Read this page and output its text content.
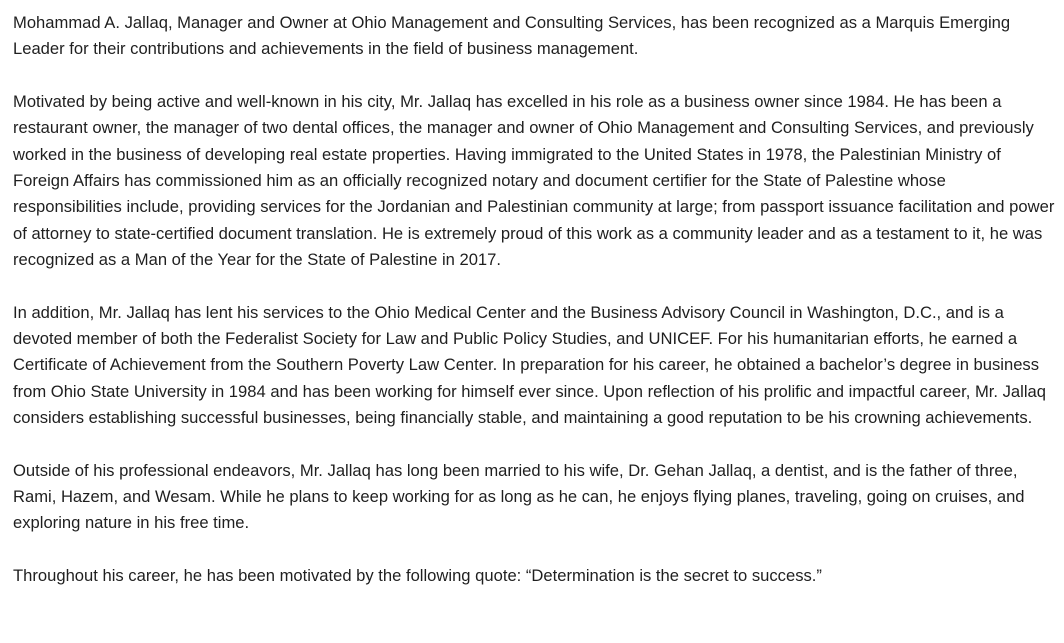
Mohammad A. Jallaq, Manager and Owner at Ohio Management and Consulting Services, has been recognized as a Marquis Emerging Leader for their contributions and achievements in the field of business management.

Motivated by being active and well-known in his city, Mr. Jallaq has excelled in his role as a business owner since 1984. He has been a restaurant owner, the manager of two dental offices, the manager and owner of Ohio Management and Consulting Services, and previously worked in the business of developing real estate properties. Having immigrated to the United States in 1978, the Palestinian Ministry of Foreign Affairs has commissioned him as an officially recognized notary and document certifier for the State of Palestine whose responsibilities include, providing services for the Jordanian and Palestinian community at large; from passport issuance facilitation and power of attorney to state-certified document translation. He is extremely proud of this work as a community leader and as a testament to it, he was recognized as a Man of the Year for the State of Palestine in 2017.

In addition, Mr. Jallaq has lent his services to the Ohio Medical Center and the Business Advisory Council in Washington, D.C., and is a devoted member of both the Federalist Society for Law and Public Policy Studies, and UNICEF. For his humanitarian efforts, he earned a Certificate of Achievement from the Southern Poverty Law Center. In preparation for his career, he obtained a bachelor’s degree in business from Ohio State University in 1984 and has been working for himself ever since. Upon reflection of his prolific and impactful career, Mr. Jallaq considers establishing successful businesses, being financially stable, and maintaining a good reputation to be his crowning achievements.

Outside of his professional endeavors, Mr. Jallaq has long been married to his wife, Dr. Gehan Jallaq, a dentist, and is the father of three, Rami, Hazem, and Wesam. While he plans to keep working for as long as he can, he enjoys flying planes, traveling, going on cruises, and exploring nature in his free time.

Throughout his career, he has been motivated by the following quote: “Determination is the secret to success.”
